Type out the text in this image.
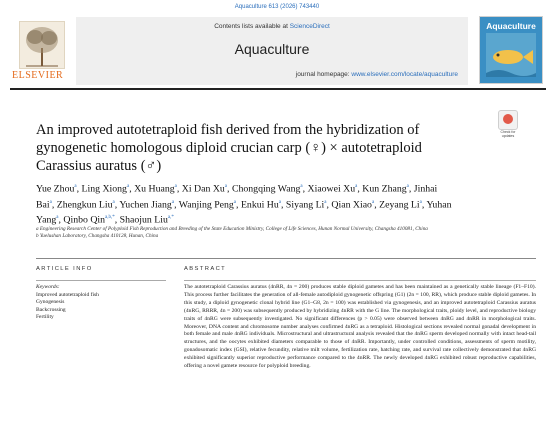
Aquaculture 613 (2026) 743440
ELSEVIER
Contents lists available at ScienceDirect
Aquaculture
journal homepage: www.elsevier.com/locate/aquaculture
Aquaculture
An improved autotetraploid fish derived from the hybridization of gynogenetic homologous diploid crucian carp (♀) × autotetraploid Carassius auratus (♂)
Check for updates
Yue Zhou$^a$, Ling Xiong$^a$, Xu Huang$^a$, Xi Dan Xu$^a$, Chongqing Wang$^a$, Xiaowei Xu$^a$, Kun Zhang$^a$, Jinhai Bai$^a$, Zhengkun Liu$^a$, Yuchen Jiang$^a$, Wanjing Peng$^a$, Enkui Hu$^a$, Siyang Li$^a$, Qian Xiao$^a$, Zeyang Li$^a$, Yuhan Yang$^a$, Qinbo Qin$^{a,b,*}$, Shaojun Liu$^{a,*}$
a Engineering Research Center of Polyploid Fish Reproduction and Breeding of the State Education Ministry, College of Life Sciences, Hunan Normal University, Changsha 410081, China
b Yuelushan Laboratory, Changsha 410128, Hunan, China
ARTICLE INFO	ABSTRACT
Keywords:
Improved autotetraploid fish
Gynogenesis
Backcrossing
Fertility
The autotetraploid Carassius auratus (4nRR, 4n = 200) produces stable diploid gametes and has been maintained as a genetically stable lineage (F1–F10). This process further facilitates the generation of all-female autodiploid gynogenetic offspring (G1) (2n = 100, RR), which produce stable diploid gametes. In this study, a diploid gynogenetic clonal hybrid line (G1–G8, 2n = 100) was established via gynogenesis, and an improved autotetraploid Carassius auratus (4nRG, RRRR, 4n = 200) was subsequently produced by hybridizing 4nRR with the G line. The morphological traits, ploidy level, and reproductive biology traits of 4nRG were subsequently investigated. No significant differences (p > 0.05) were observed between 4nRG and 4nRR in morphological traits. Moreover, DNA content and chromosome number analyses confirmed 4nRG as a tetraploid. Histological sections revealed normal gonadal development in both female and male 4nRG individuals. Microstructural and ultrastructural analysis revealed that the 4nRG sperm developed normally with intact head-tail structures, and the oocytes exhibited diameters comparable to those of 4nRR. Importantly, under controlled conditions, assessments of sperm motility, gonadosomatic index (GSI), relative fecundity, relative milt volume, fertilization rate, hatching rate, and survival rate collectively demonstrated that 4nRG exhibited significantly superior reproductive performance compared to the 4nRR. The newly developed 4nRG exhibited robust reproductive capabilities, offering a novel gamete resource for polyploid breeding.
